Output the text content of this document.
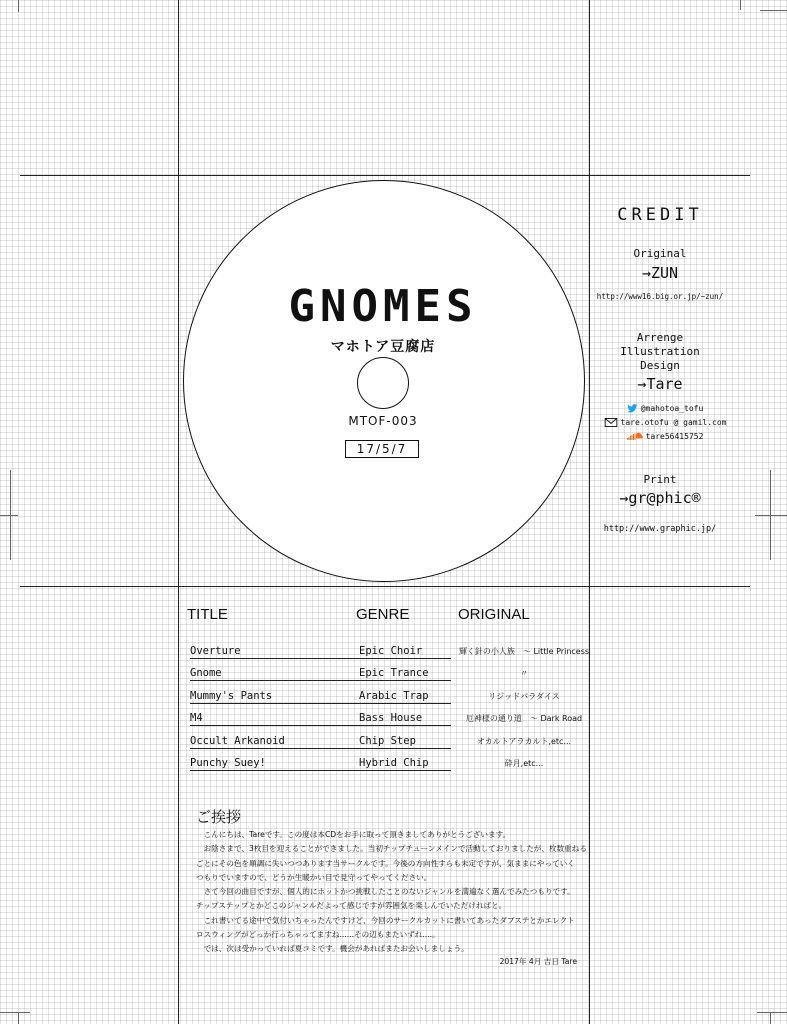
GNOMES
マホトア豆腐店
MTOF-003
17/5/7
CREDIT
Original
→ZUN
http://www16.big.or.jp/~zun/
Arrenge
Illustration
Design
→Tare
@mahotoa_tofu
tare.otofu @ gamil.com
tare56415752
Print
→gr@phic®
http://www.graphic.jp/
TITLE	GENRE	ORIGINAL
Overture	Epic Choir	輝く針の小人族　～ Little Princess
Gnome	Epic Trance	〃
Mummy's Pants	Arabic Trap	リジッドパラダイス
M4	Bass House	厄神様の通り道　～ Dark Road
Occult Arkanoid	Chip Step	オカルトアラカルト,etc...
Punchy Suey!	Hybrid Chip	砕月,etc...
ご挨拶

　こんにちは、Tareです。この度は本CDをお手に取って頂きましてありがとうございます。

　お陰さまで、3枚目を迎えることができました。当初チップチューンメインで活動しておりましたが、枚数重ねる

ごとにその色を順調に失いつつあります当サークルです。今後の方向性すらも未定ですが、気ままにやっていく

つもりでいますので、どうか生暖かい目で見守ってやってください。

　さて今回の曲目ですが、個人的にホットかつ挑戦したことのないジャンルを満遍なく選んでみたつもりです。

チップステップとかどこのジャンルだよって感じですが雰囲気を楽しんでいただければと。

　これ書いてる途中で気付いちゃったんですけど、今回のサークルカットに書いてあったダブステとかエレクト

ロスウィングがどっか行っちゃってますね......その辺もまたいずれ....。

　では、次は受かっていれば夏コミです。機会があればまたお会いしましょう。

2017年 4月 吉日 Tare
